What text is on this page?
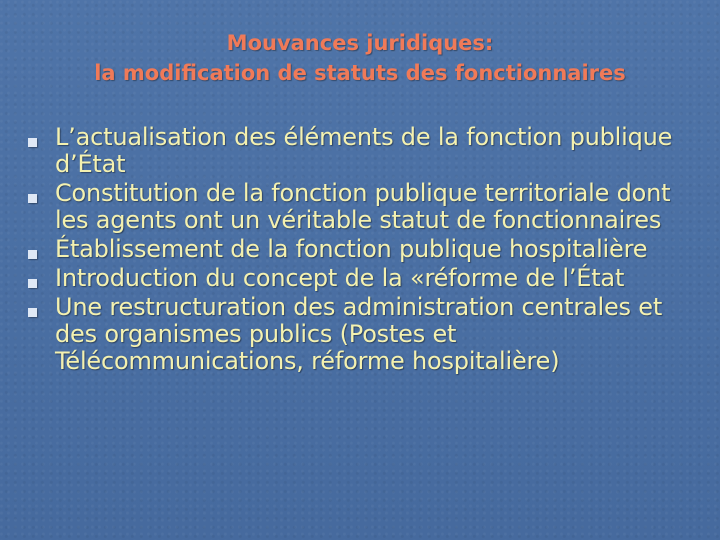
Mouvances juridiques:
la modification de statuts des fonctionnaires
L’actualisation des éléments de la fonction publique d’État
Constitution de la fonction publique territoriale dont les agents ont un véritable statut de fonctionnaires
Établissement de la fonction publique hospitalière
Introduction du concept de la «réforme de l’État
Une restructuration des administration centrales et des organismes publics (Postes et Télécommunications, réforme hospitalière)
